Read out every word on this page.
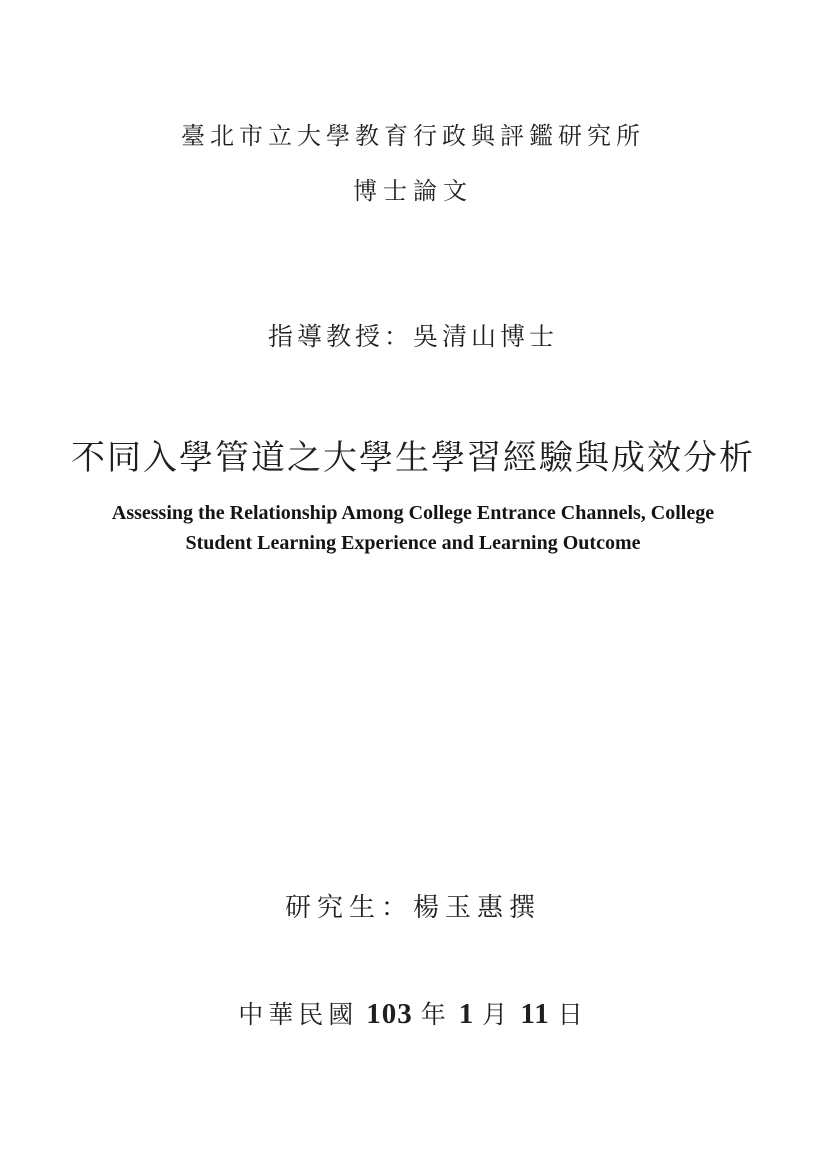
臺北市立大學教育行政與評鑑研究所
博士論文
指導教授：吳清山博士
不同入學管道之大學生學習經驗與成效分析
Assessing the Relationship Among College Entrance Channels, College
Student Learning Experience and Learning Outcome
研究生：楊玉惠撰
中華民國 103 年 1 月 11 日
